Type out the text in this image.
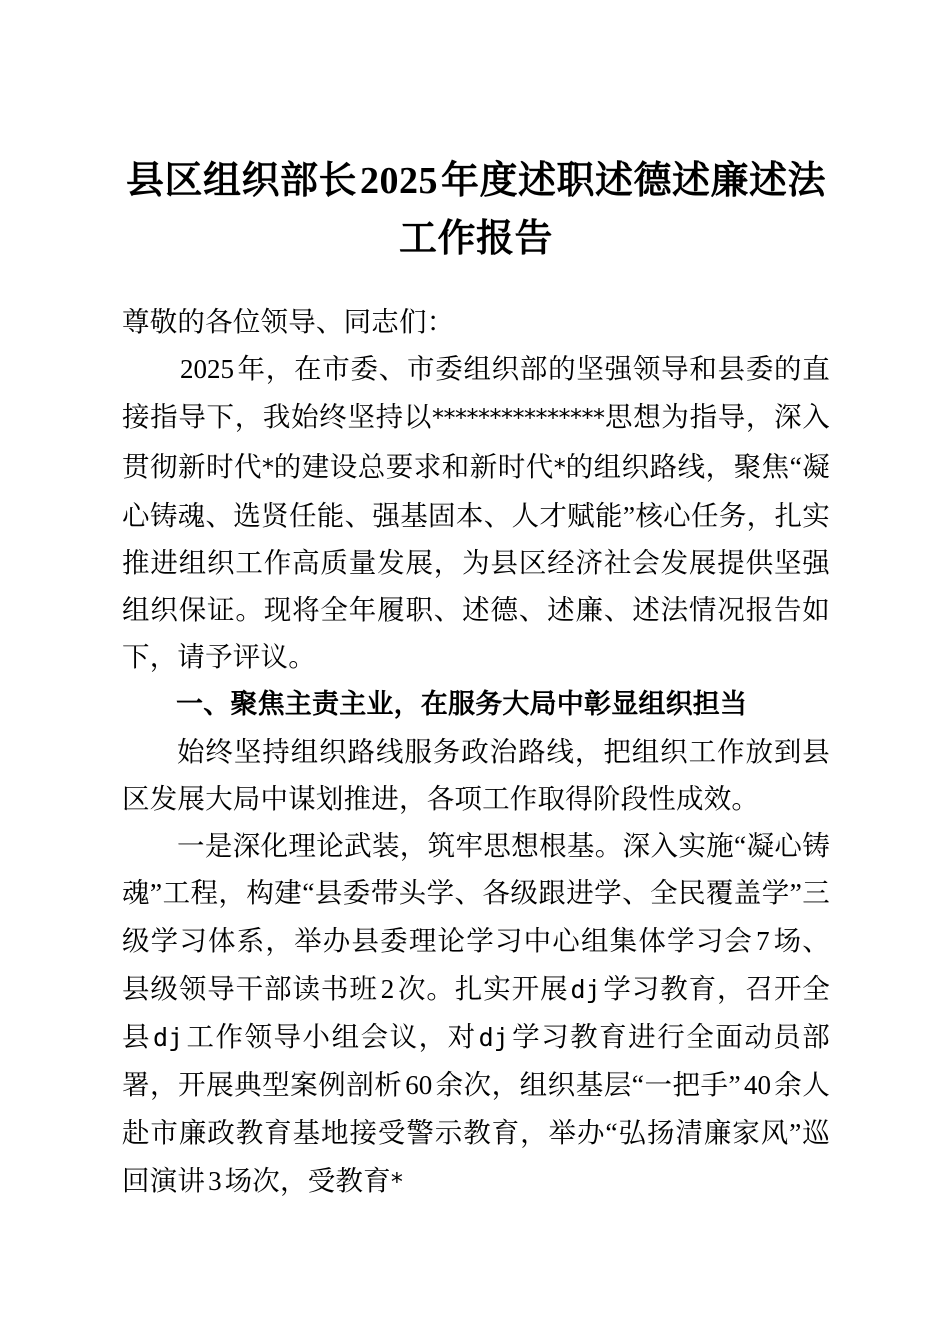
县区组织部长2025年度述职述德述廉述法
工作报告

尊敬的各位领导、同志们：

2025 年，在市委、市委组织部的坚强领导和县委的直接指导下，我始终坚持以***************思想为指导，深入贯彻新时代*的建设总要求和新时代*的组织路线，聚焦“凝心铸魂、选贤任能、强基固本、人才赋能”核心任务，扎实推进组织工作高质量发展，为县区经济社会发展提供坚强组织保证。现将全年履职、述德、述廉、述法情况报告如下，请予评议。

一、聚焦主责主业，在服务大局中彰显组织担当

始终坚持组织路线服务政治路线，把组织工作放到县区发展大局中谋划推进，各项工作取得阶段性成效。

一是深化理论武装，筑牢思想根基。深入实施“凝心铸魂”工程，构建“县委带头学、各级跟进学、全民覆盖学”三级学习体系，举办县委理论学习中心组集体学习会 7 场、县级领导干部读书班 2 次。扎实开展dj学习教育，召开全县dj工作领导小组会议，对dj学习教育进行全面动员部署，开展典型案例剖析 60 余次，组织基层“一把手” 40 余人赴市廉政教育基地接受警示教育，举办“弘扬清廉家风”巡回演讲 3 场次，受教育*
